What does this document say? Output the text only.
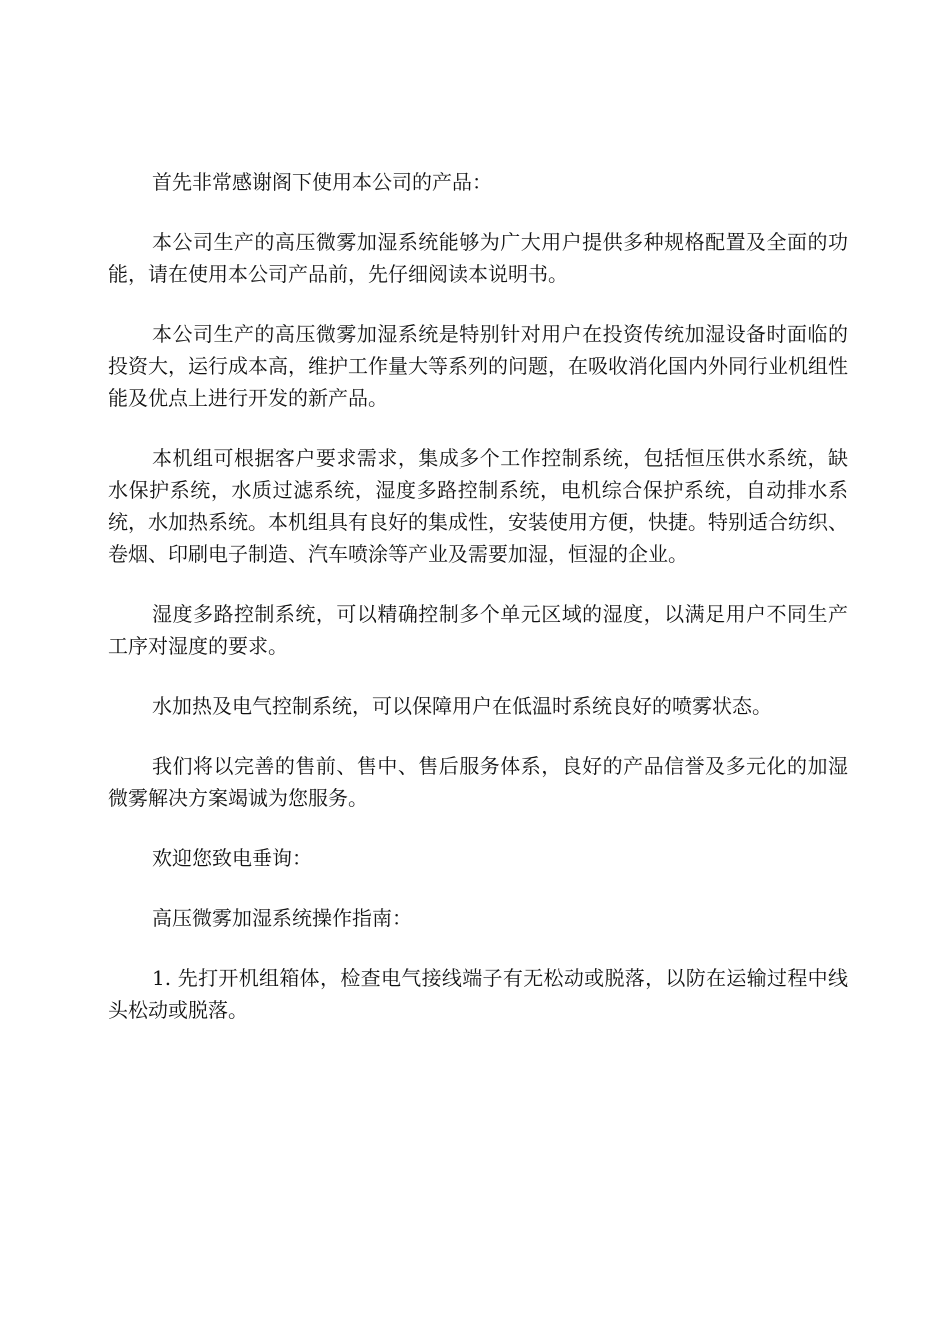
首先非常感谢阁下使用本公司的产品：

本公司生产的高压微雾加湿系统能够为广大用户提供多种规格配置及全面的功能，请在使用本公司产品前，先仔细阅读本说明书。

本公司生产的高压微雾加湿系统是特别针对用户在投资传统加湿设备时面临的投资大，运行成本高，维护工作量大等系列的问题，在吸收消化国内外同行业机组性能及优点上进行开发的新产品。

本机组可根据客户要求需求，集成多个工作控制系统，包括恒压供水系统，缺水保护系统，水质过滤系统，湿度多路控制系统，电机综合保护系统，自动排水系统，水加热系统。本机组具有良好的集成性，安装使用方便，快捷。特别适合纺织、卷烟、印刷电子制造、汽车喷涂等产业及需要加湿，恒湿的企业。

湿度多路控制系统，可以精确控制多个单元区域的湿度，以满足用户不同生产工序对湿度的要求。

水加热及电气控制系统，可以保障用户在低温时系统良好的喷雾状态。

我们将以完善的售前、售中、售后服务体系，良好的产品信誉及多元化的加湿微雾解决方案竭诚为您服务。

欢迎您致电垂询：

高压微雾加湿系统操作指南：

1. 先打开机组箱体，检查电气接线端子有无松动或脱落，以防在运输过程中线头松动或脱落。
